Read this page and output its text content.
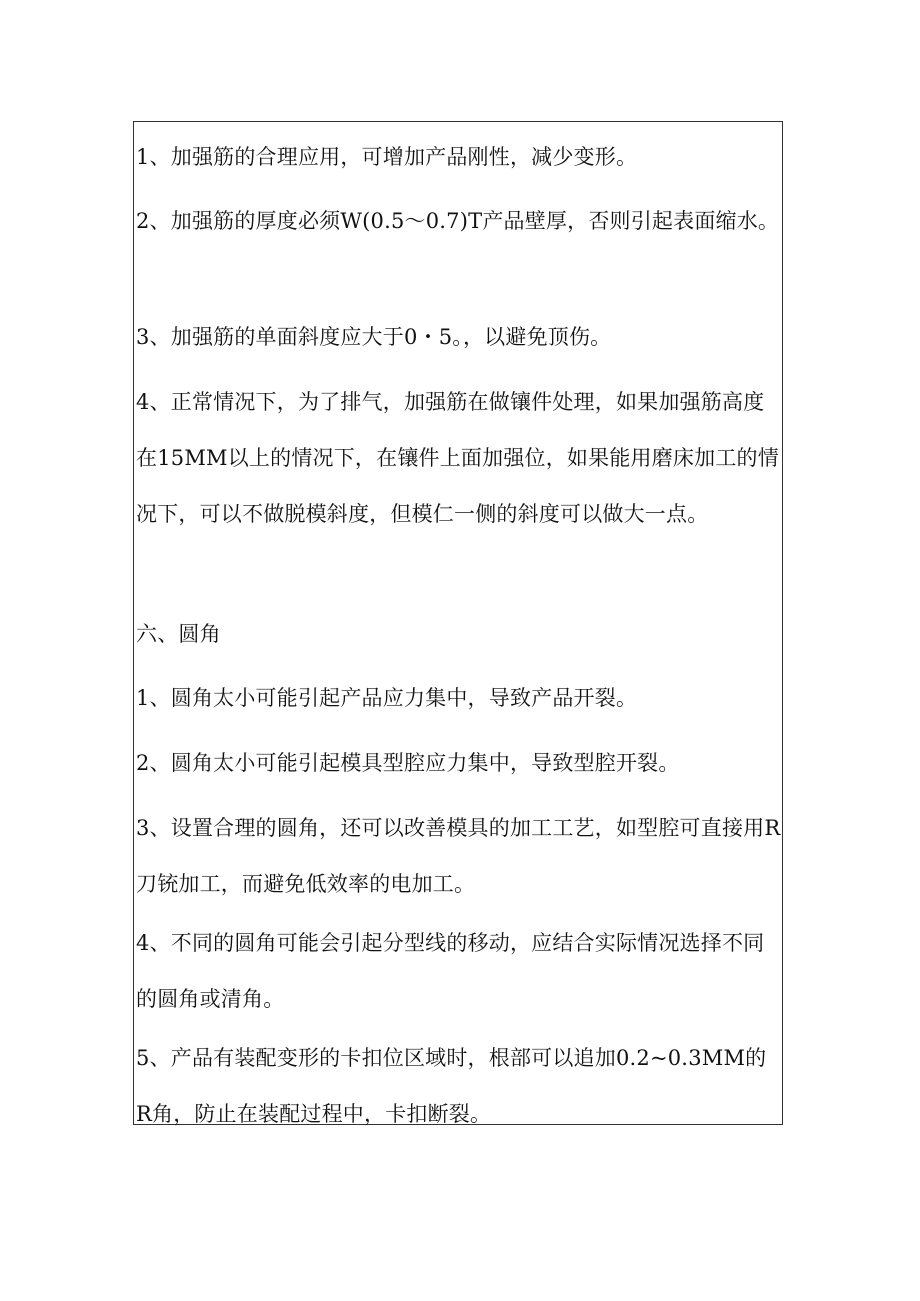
1、加强筋的合理应用，可增加产品刚性，减少变形。

2、加强筋的厚度必须W(0.5～0.7)T产品壁厚，否则引起表面缩水。

3、加强筋的单面斜度应大于0・5。，以避免顶伤。

4、正常情况下，为了排气，加强筋在做镶件处理，如果加强筋高度在15MM以上的情况下，在镶件上面加强位，如果能用磨床加工的情况下，可以不做脱模斜度，但模仁一侧的斜度可以做大一点。

六、圆角

1、圆角太小可能引起产品应力集中，导致产品开裂。

2、圆角太小可能引起模具型腔应力集中，导致型腔开裂。

3、设置合理的圆角，还可以改善模具的加工工艺，如型腔可直接用R刀铳加工，而避免低效率的电加工。

4、不同的圆角可能会引起分型线的移动，应结合实际情况选择不同的圆角或清角。

5、产品有装配变形的卡扣位区域时，根部可以追加0.2~0.3MM的R角，防止在装配过程中，卡扣断裂。
